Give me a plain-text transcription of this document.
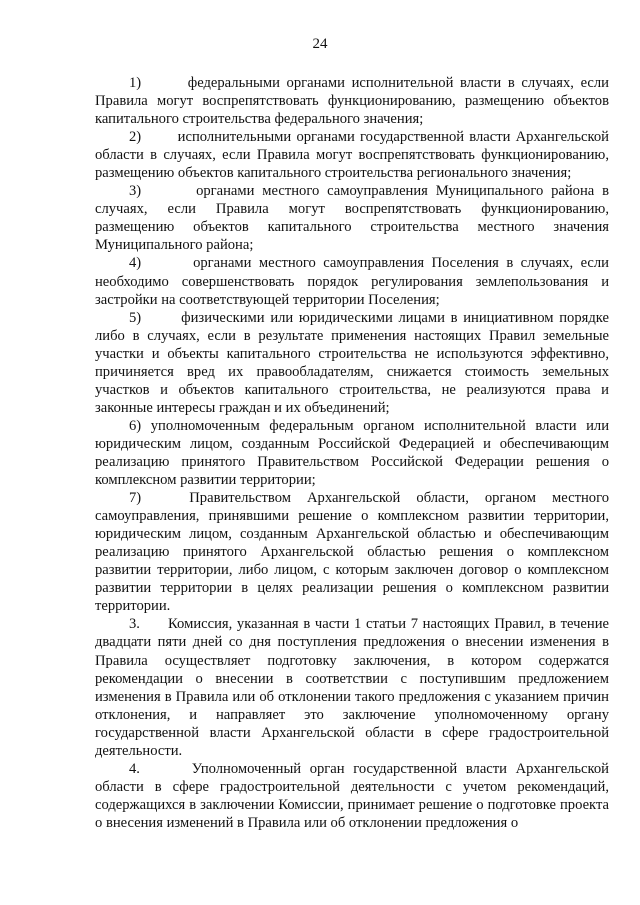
24

1)       федеральными органами исполнительной власти в случаях, если Правила могут воспрепятствовать функционированию, размещению объектов капитального строительства федерального значения;

2)       исполнительными органами государственной власти Архангельской области в случаях, если Правила могут воспрепятствовать функционированию, размещению объектов капитального строительства регионального значения;

3)       органами местного самоуправления Муниципального района в случаях, если Правила могут воспрепятствовать функционированию, размещению объектов капитального строительства местного значения Муниципального района;

4)       органами местного самоуправления Поселения в случаях, если необходимо совершенствовать порядок регулирования землепользования и застройки на соответствующей территории Поселения;

5)       физическими или юридическими лицами в инициативном порядке либо в случаях, если в результате применения настоящих Правил земельные участки и объекты капитального строительства не используются эффективно, причиняется вред их правообладателям, снижается стоимость земельных участков и объектов капитального строительства, не реализуются права и законные интересы граждан и их объединений;

6) уполномоченным федеральным органом исполнительной власти или юридическим лицом, созданным Российской Федерацией и обеспечивающим реализацию принятого Правительством Российской Федерации решения о комплексном развитии территории;

7)   Правительством Архангельской области, органом местного самоуправления, принявшими решение о комплексном развитии территории, юридическим лицом, созданным Архангельской областью и обеспечивающим реализацию принятого Архангельской областью решения о комплексном развитии территории, либо лицом, с которым заключен договор о комплексном развитии территории в целях реализации решения о комплексном развитии территории.

3.      Комиссия, указанная в части 1 статьи 7 настоящих Правил, в течение двадцати пяти дней со дня поступления предложения о внесении изменения в Правила осуществляет подготовку заключения, в котором содержатся рекомендации о внесении в соответствии с поступившим предложением изменения в Правила или об отклонении такого предложения с указанием причин отклонения, и направляет это заключение уполномоченному органу государственной власти Архангельской области в сфере градостроительной деятельности.

4.      Уполномоченный орган государственной власти Архангельской области в сфере градостроительной деятельности с учетом рекомендаций, содержащихся в заключении Комиссии, принимает решение о подготовке проекта о внесения изменений в Правила или об отклонении предложения о
